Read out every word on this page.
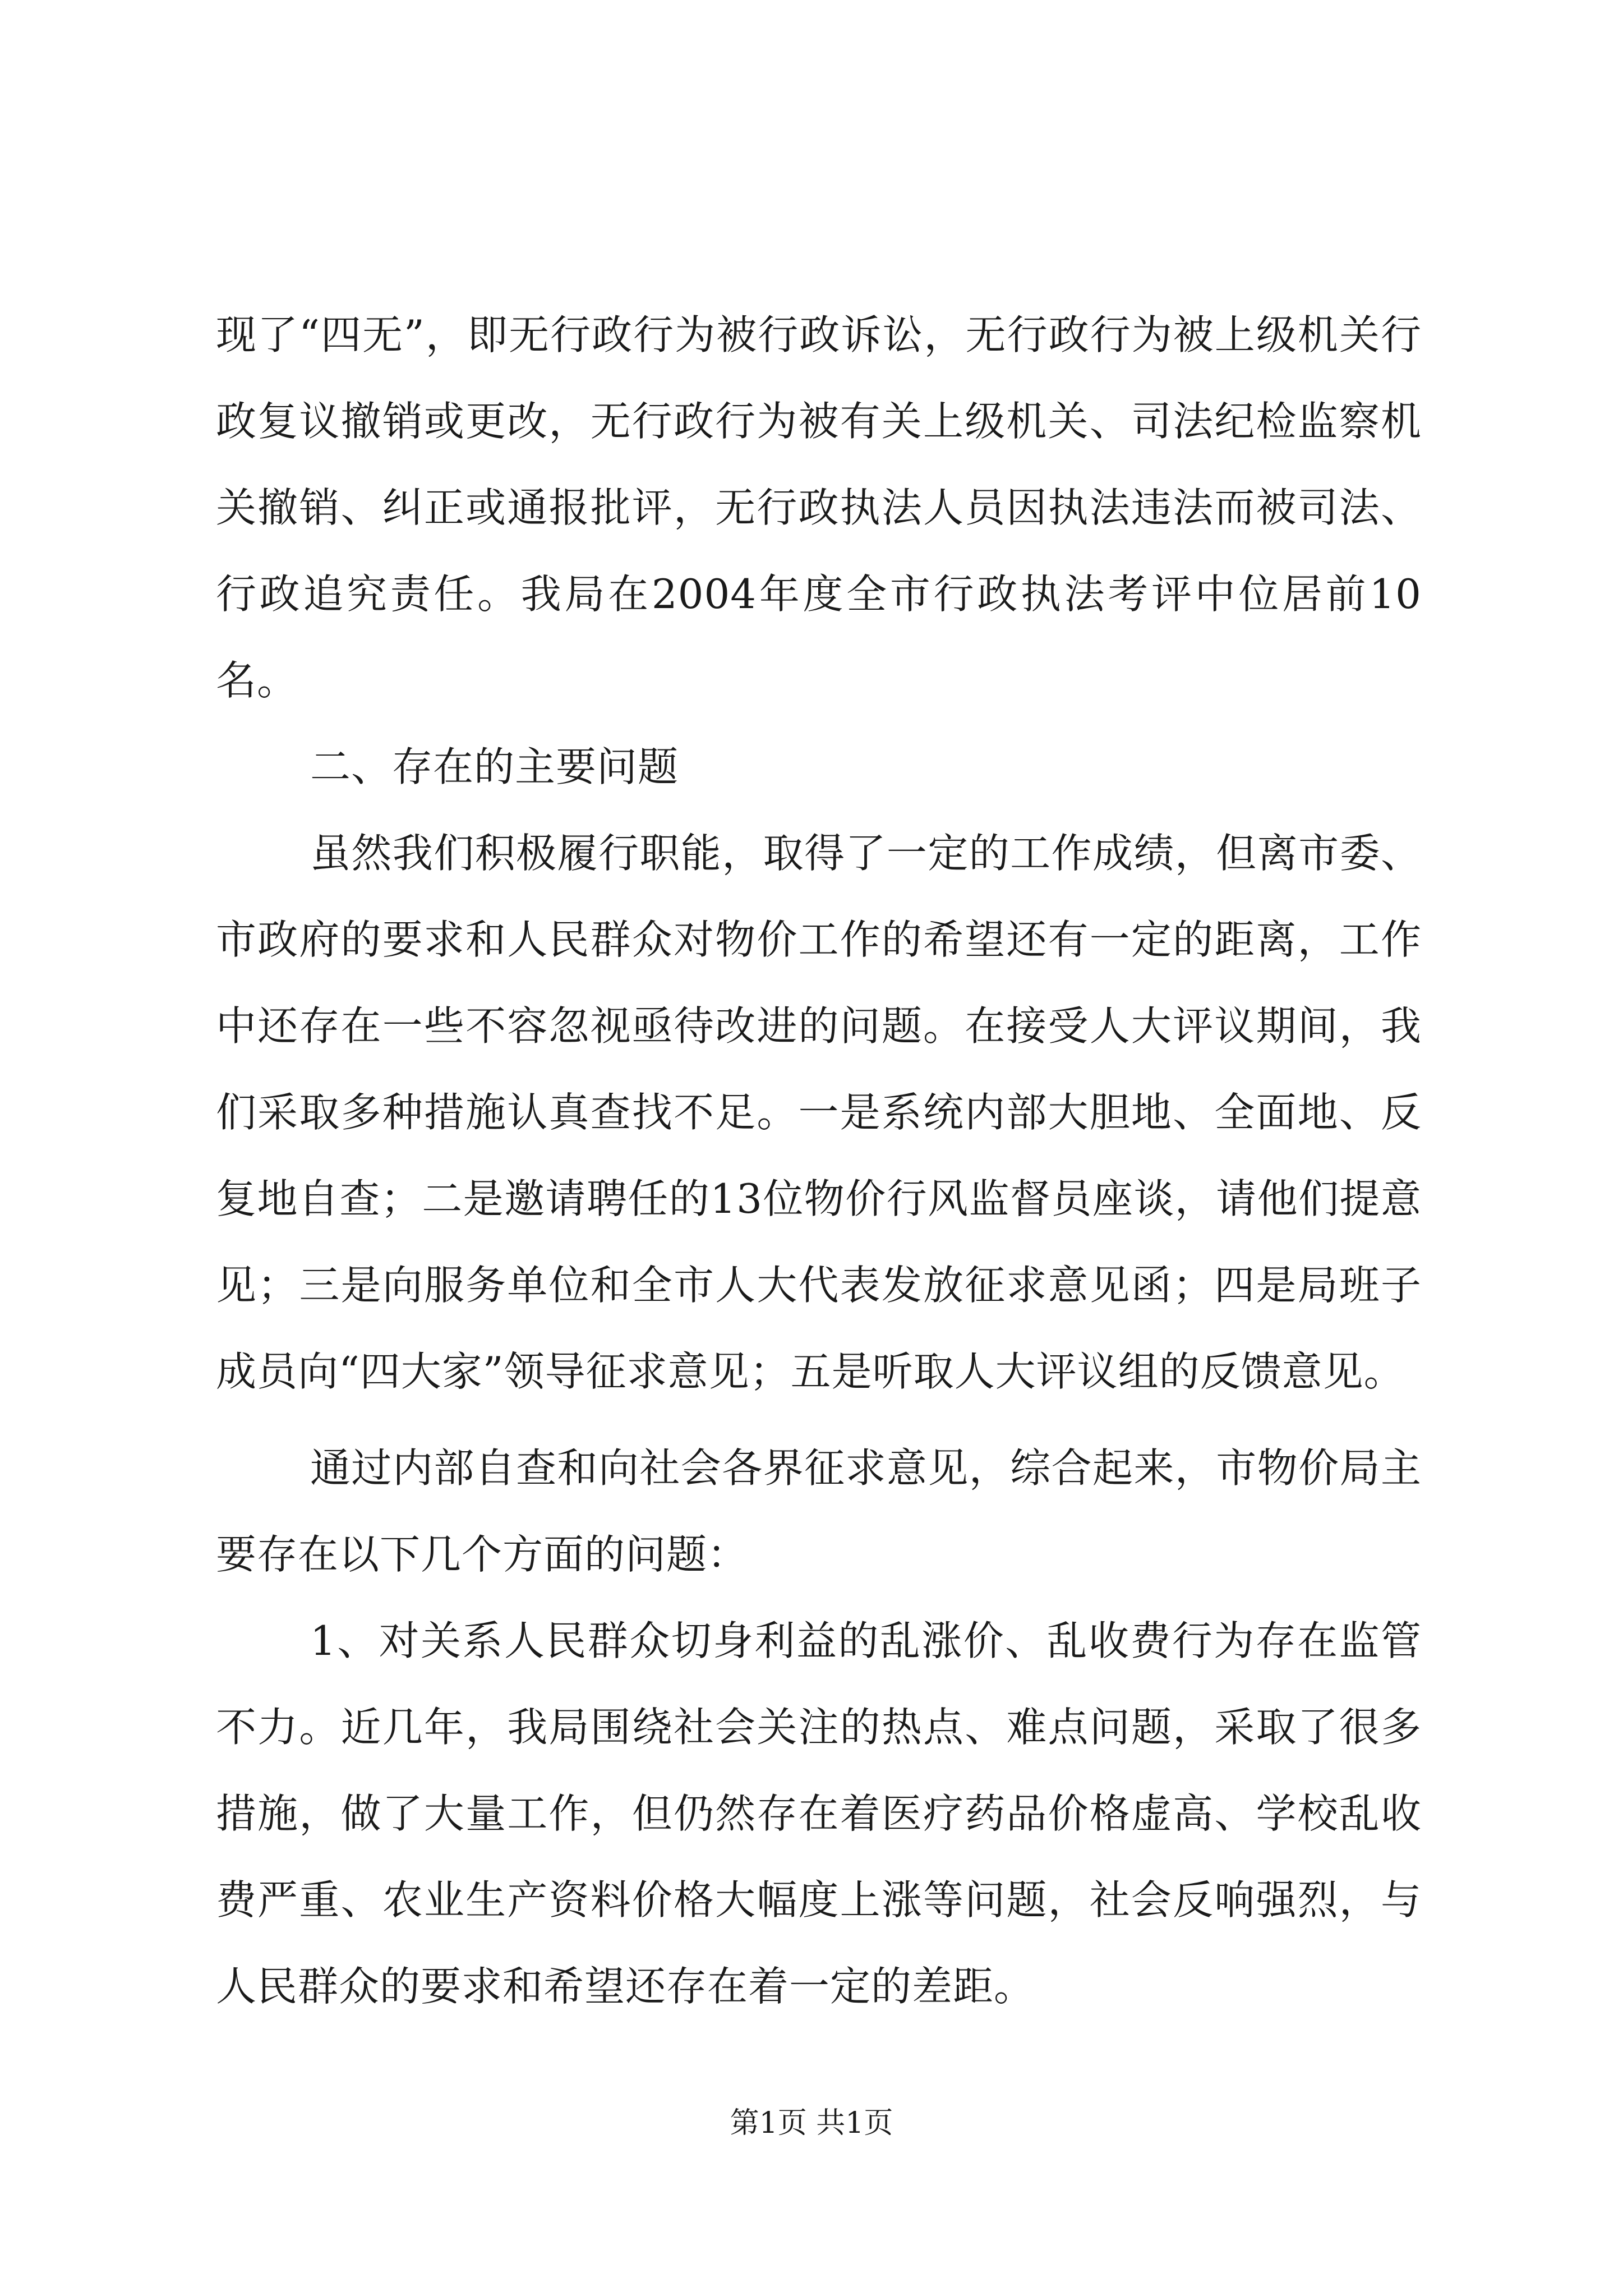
现了“四无”，即无行政行为被行政诉讼，无行政行为被上级机关行政复议撤销或更改，无行政行为被有关上级机关、司法纪检监察机关撤销、纠正或通报批评，无行政执法人员因执法违法而被司法、行政追究责任。我局在2004年度全市行政执法考评中位居前10名。

二、存在的主要问题

虽然我们积极履行职能，取得了一定的工作成绩，但离市委、市政府的要求和人民群众对物价工作的希望还有一定的距离，工作中还存在一些不容忽视亟待改进的问题。在接受人大评议期间，我们采取多种措施认真查找不足。一是系统内部大胆地、全面地、反复地自查；二是邀请聘任的13位物价行风监督员座谈，请他们提意见；三是向服务单位和全市人大代表发放征求意见函；四是局班子成员向“四大家”领导征求意见；五是听取人大评议组的反馈意见。

通过内部自查和向社会各界征求意见，综合起来，市物价局主要存在以下几个方面的问题：

1、对关系人民群众切身利益的乱涨价、乱收费行为存在监管不力。近几年，我局围绕社会关注的热点、难点问题，采取了很多措施，做了大量工作，但仍然存在着医疗药品价格虚高、学校乱收费严重、农业生产资料价格大幅度上涨等问题，社会反响强烈，与人民群众的要求和希望还存在着一定的差距。

第1页 共1页
